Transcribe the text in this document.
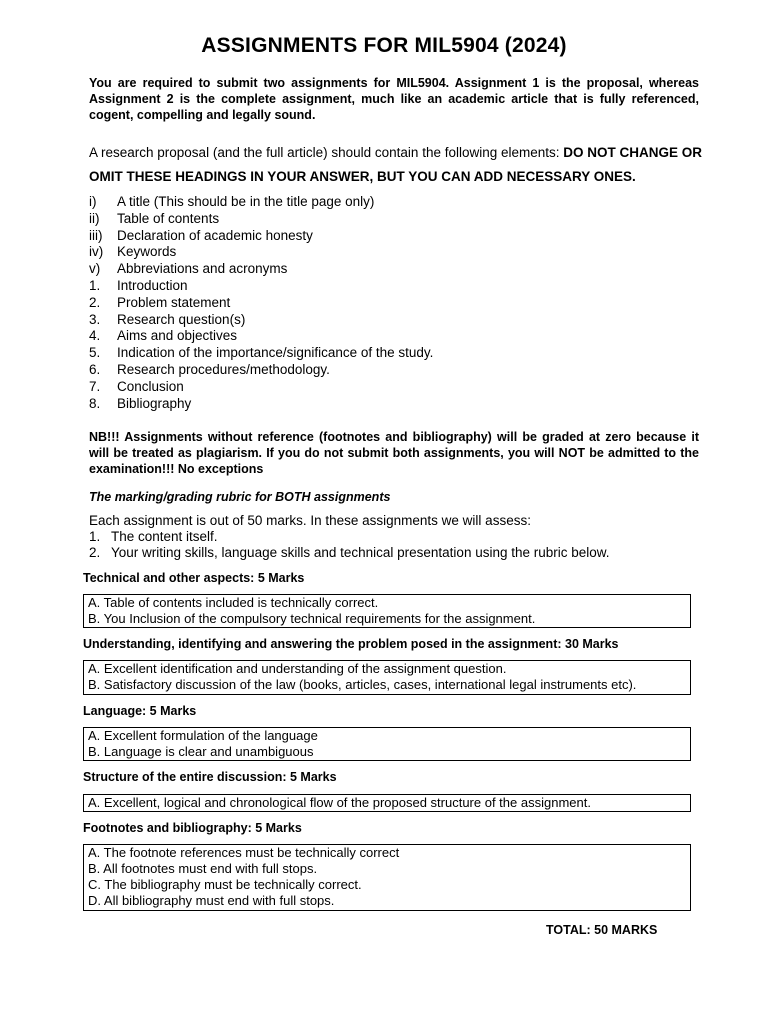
ASSIGNMENTS FOR MIL5904 (2024)
You are required to submit two assignments for MIL5904. Assignment 1 is the proposal, whereas Assignment 2 is the complete assignment, much like an academic article that is fully referenced, cogent, compelling and legally sound.
A research proposal (and the full article) should contain the following elements: DO NOT CHANGE OR OMIT THESE HEADINGS IN YOUR ANSWER, BUT YOU CAN ADD NECESSARY ONES.
i) A title (This should be in the title page only)
ii) Table of contents
iii) Declaration of academic honesty
iv) Keywords
v) Abbreviations and acronyms
1. Introduction
2. Problem statement
3. Research question(s)
4. Aims and objectives
5. Indication of the importance/significance of the study.
6. Research procedures/methodology.
7. Conclusion
8. Bibliography
NB!!! Assignments without reference (footnotes and bibliography) will be graded at zero because it will be treated as plagiarism. If you do not submit both assignments, you will NOT be admitted to the examination!!! No exceptions
The marking/grading rubric for BOTH assignments
Each assignment is out of 50 marks. In these assignments we will assess:
1. The content itself.
2. Your writing skills, language skills and technical presentation using the rubric below.
Technical and other aspects: 5 Marks
A. Table of contents included is technically correct.
B. You Inclusion of the compulsory technical requirements for the assignment.
Understanding, identifying and answering the problem posed in the assignment: 30 Marks
A. Excellent identification and understanding of the assignment question.
B. Satisfactory discussion of the law (books, articles, cases, international legal instruments etc).
Language: 5 Marks
A. Excellent formulation of the language
B. Language is clear and unambiguous
Structure of the entire discussion: 5 Marks
A. Excellent, logical and chronological flow of the proposed structure of the assignment.
Footnotes and bibliography: 5 Marks
A. The footnote references must be technically correct
B. All footnotes must end with full stops.
C. The bibliography must be technically correct.
D. All bibliography must end with full stops.
TOTAL: 50 MARKS
